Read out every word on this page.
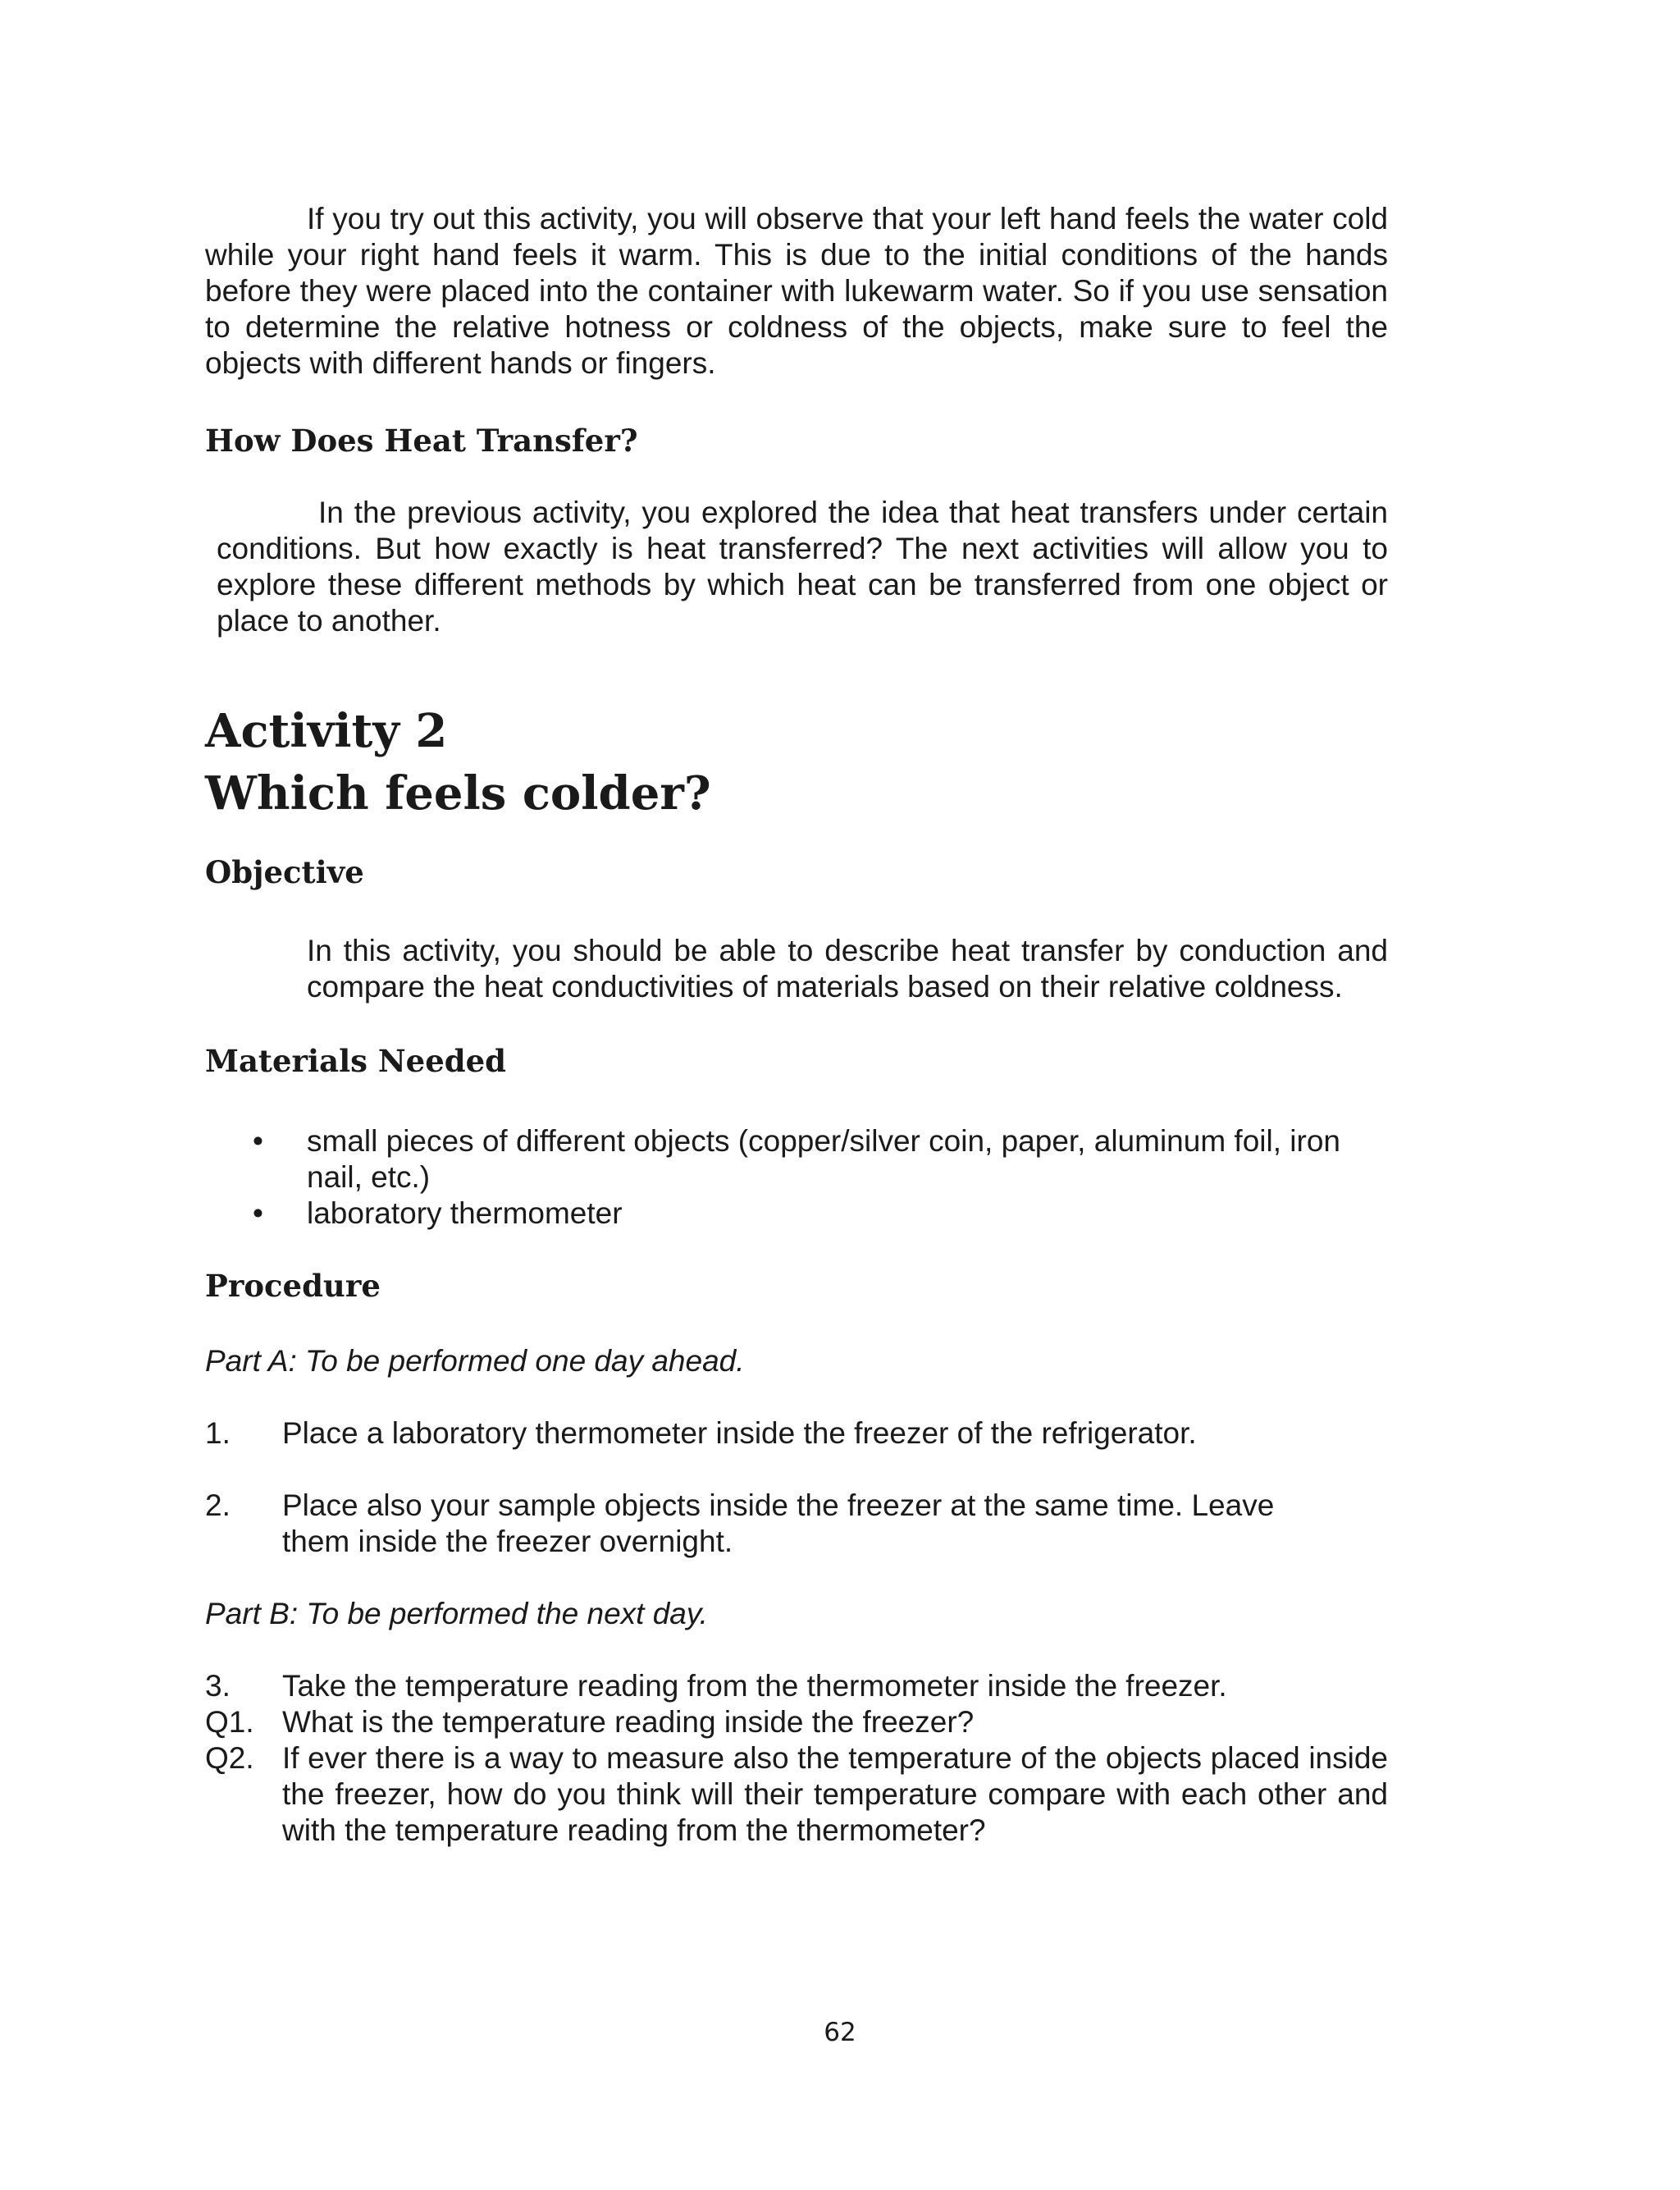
If you try out this activity, you will observe that your left hand feels the water cold while your right hand feels it warm. This is due to the initial conditions of the hands before they were placed into the container with lukewarm water. So if you use sensation to determine the relative hotness or coldness of the objects, make sure to feel the objects with different hands or fingers.

How Does Heat Transfer?

In the previous activity, you explored the idea that heat transfers under certain conditions. But how exactly is heat transferred? The next activities will allow you to explore these different methods by which heat can be transferred from one object or place to another.

Activity 2
Which feels colder?
Objective

In this activity, you should be able to describe heat transfer by conduction and compare the heat conductivities of materials based on their relative coldness.

Materials Needed
• small pieces of different objects (copper/silver coin, paper, aluminum foil, iron nail, etc.)
• laboratory thermometer
Procedure

Part A: To be performed one day ahead.

1. Place a laboratory thermometer inside the freezer of the refrigerator.
2. Place also your sample objects inside the freezer at the same time. Leave them inside the freezer overnight.

Part B: To be performed the next day.

3. Take the temperature reading from the thermometer inside the freezer.
Q1. What is the temperature reading inside the freezer?
Q2. If ever there is a way to measure also the temperature of the objects placed inside the freezer, how do you think will their temperature compare with each other and with the temperature reading from the thermometer?
62
